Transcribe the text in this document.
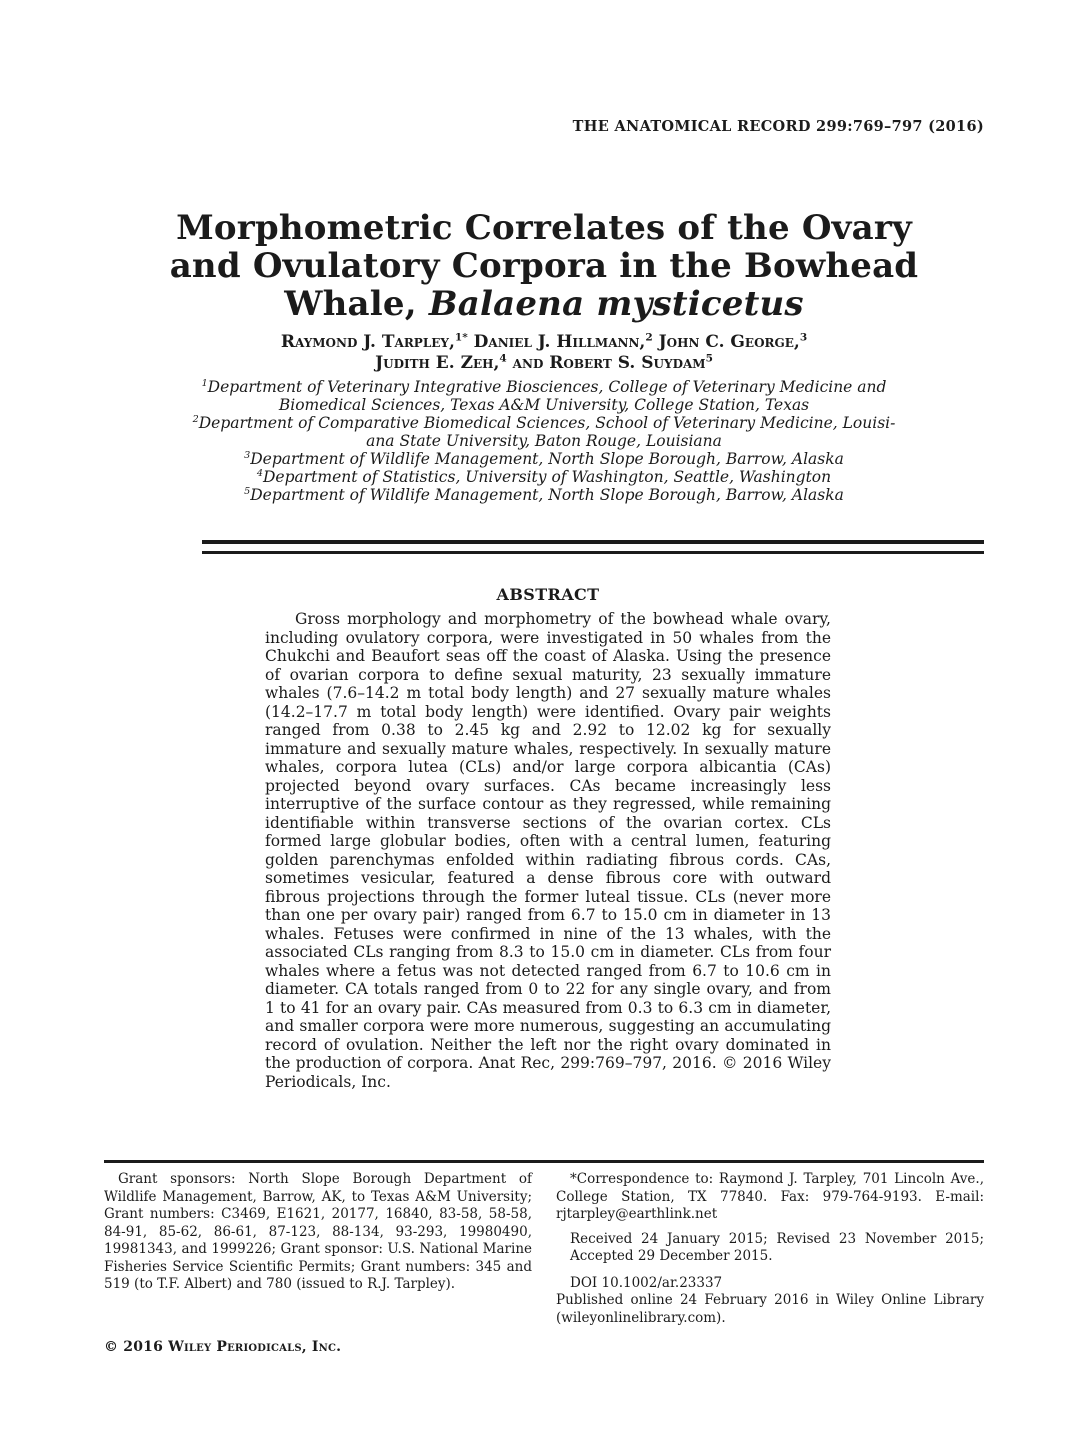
THE ANATOMICAL RECORD 299:769–797 (2016)
Morphometric Correlates of the Ovary
and Ovulatory Corpora in the Bowhead
Whale, Balaena mysticetus
Raymond J. Tarpley,$^{1*}$ Daniel J. Hillmann,$^2$ John C. George,$^3$
Judith E. Zeh,$^4$ and Robert S. Suydam$^5$
$^1$Department of Veterinary Integrative Biosciences, College of Veterinary Medicine and
Biomedical Sciences, Texas A&M University, College Station, Texas
$^2$Department of Comparative Biomedical Sciences, School of Veterinary Medicine, Louisi-
ana State University, Baton Rouge, Louisiana
$^3$Department of Wildlife Management, North Slope Borough, Barrow, Alaska
$^4$Department of Statistics, University of Washington, Seattle, Washington
$^5$Department of Wildlife Management, North Slope Borough, Barrow, Alaska
ABSTRACT

Gross morphology and morphometry of the bowhead whale ovary, including ovulatory corpora, were investigated in 50 whales from the Chukchi and Beaufort seas off the coast of Alaska. Using the presence of ovarian corpora to define sexual maturity, 23 sexually immature whales (7.6–14.2 m total body length) and 27 sexually mature whales (14.2–17.7 m total body length) were identified. Ovary pair weights ranged from 0.38 to 2.45 kg and 2.92 to 12.02 kg for sexually immature and sexually mature whales, respectively. In sexually mature whales, corpora lutea (CLs) and/or large corpora albicantia (CAs) projected beyond ovary surfaces. CAs became increasingly less interruptive of the surface contour as they regressed, while remaining identifiable within transverse sections of the ovarian cortex. CLs formed large globular bodies, often with a central lumen, featuring golden parenchymas enfolded within radiating fibrous cords. CAs, sometimes vesicular, featured a dense fibrous core with outward fibrous projections through the former luteal tissue. CLs (never more than one per ovary pair) ranged from 6.7 to 15.0 cm in diameter in 13 whales. Fetuses were confirmed in nine of the 13 whales, with the associated CLs ranging from 8.3 to 15.0 cm in diameter. CLs from four whales where a fetus was not detected ranged from 6.7 to 10.6 cm in diameter. CA totals ranged from 0 to 22 for any single ovary, and from 1 to 41 for an ovary pair. CAs measured from 0.3 to 6.3 cm in diameter, and smaller corpora were more numerous, suggesting an accumulating record of ovulation. Neither the left nor the right ovary dominated in the production of corpora. Anat Rec, 299:769–797, 2016. © 2016 Wiley Periodicals, Inc.

Grant sponsors: North Slope Borough Department of Wildlife Management, Barrow, AK, to Texas A&M University; Grant numbers: C3469, E1621, 20177, 16840, 83-58, 58-58, 84-91, 85-62, 86-61, 87-123, 88-134, 93-293, 19980490, 19981343, and 1999226; Grant sponsor: U.S. National Marine Fisheries Service Scientific Permits; Grant numbers: 345 and 519 (to T.F. Albert) and 780 (issued to R.J. Tarpley).

*Correspondence to: Raymond J. Tarpley, 701 Lincoln Ave., College Station, TX 77840. Fax: 979-764-9193. E-mail: rjtarpley@earthlink.net

Received 24 January 2015; Revised 23 November 2015; Accepted 29 December 2015.

DOI 10.1002/ar.23337

Published online 24 February 2016 in Wiley Online Library (wileyonlinelibrary.com).

© 2016 Wiley Periodicals, Inc.
